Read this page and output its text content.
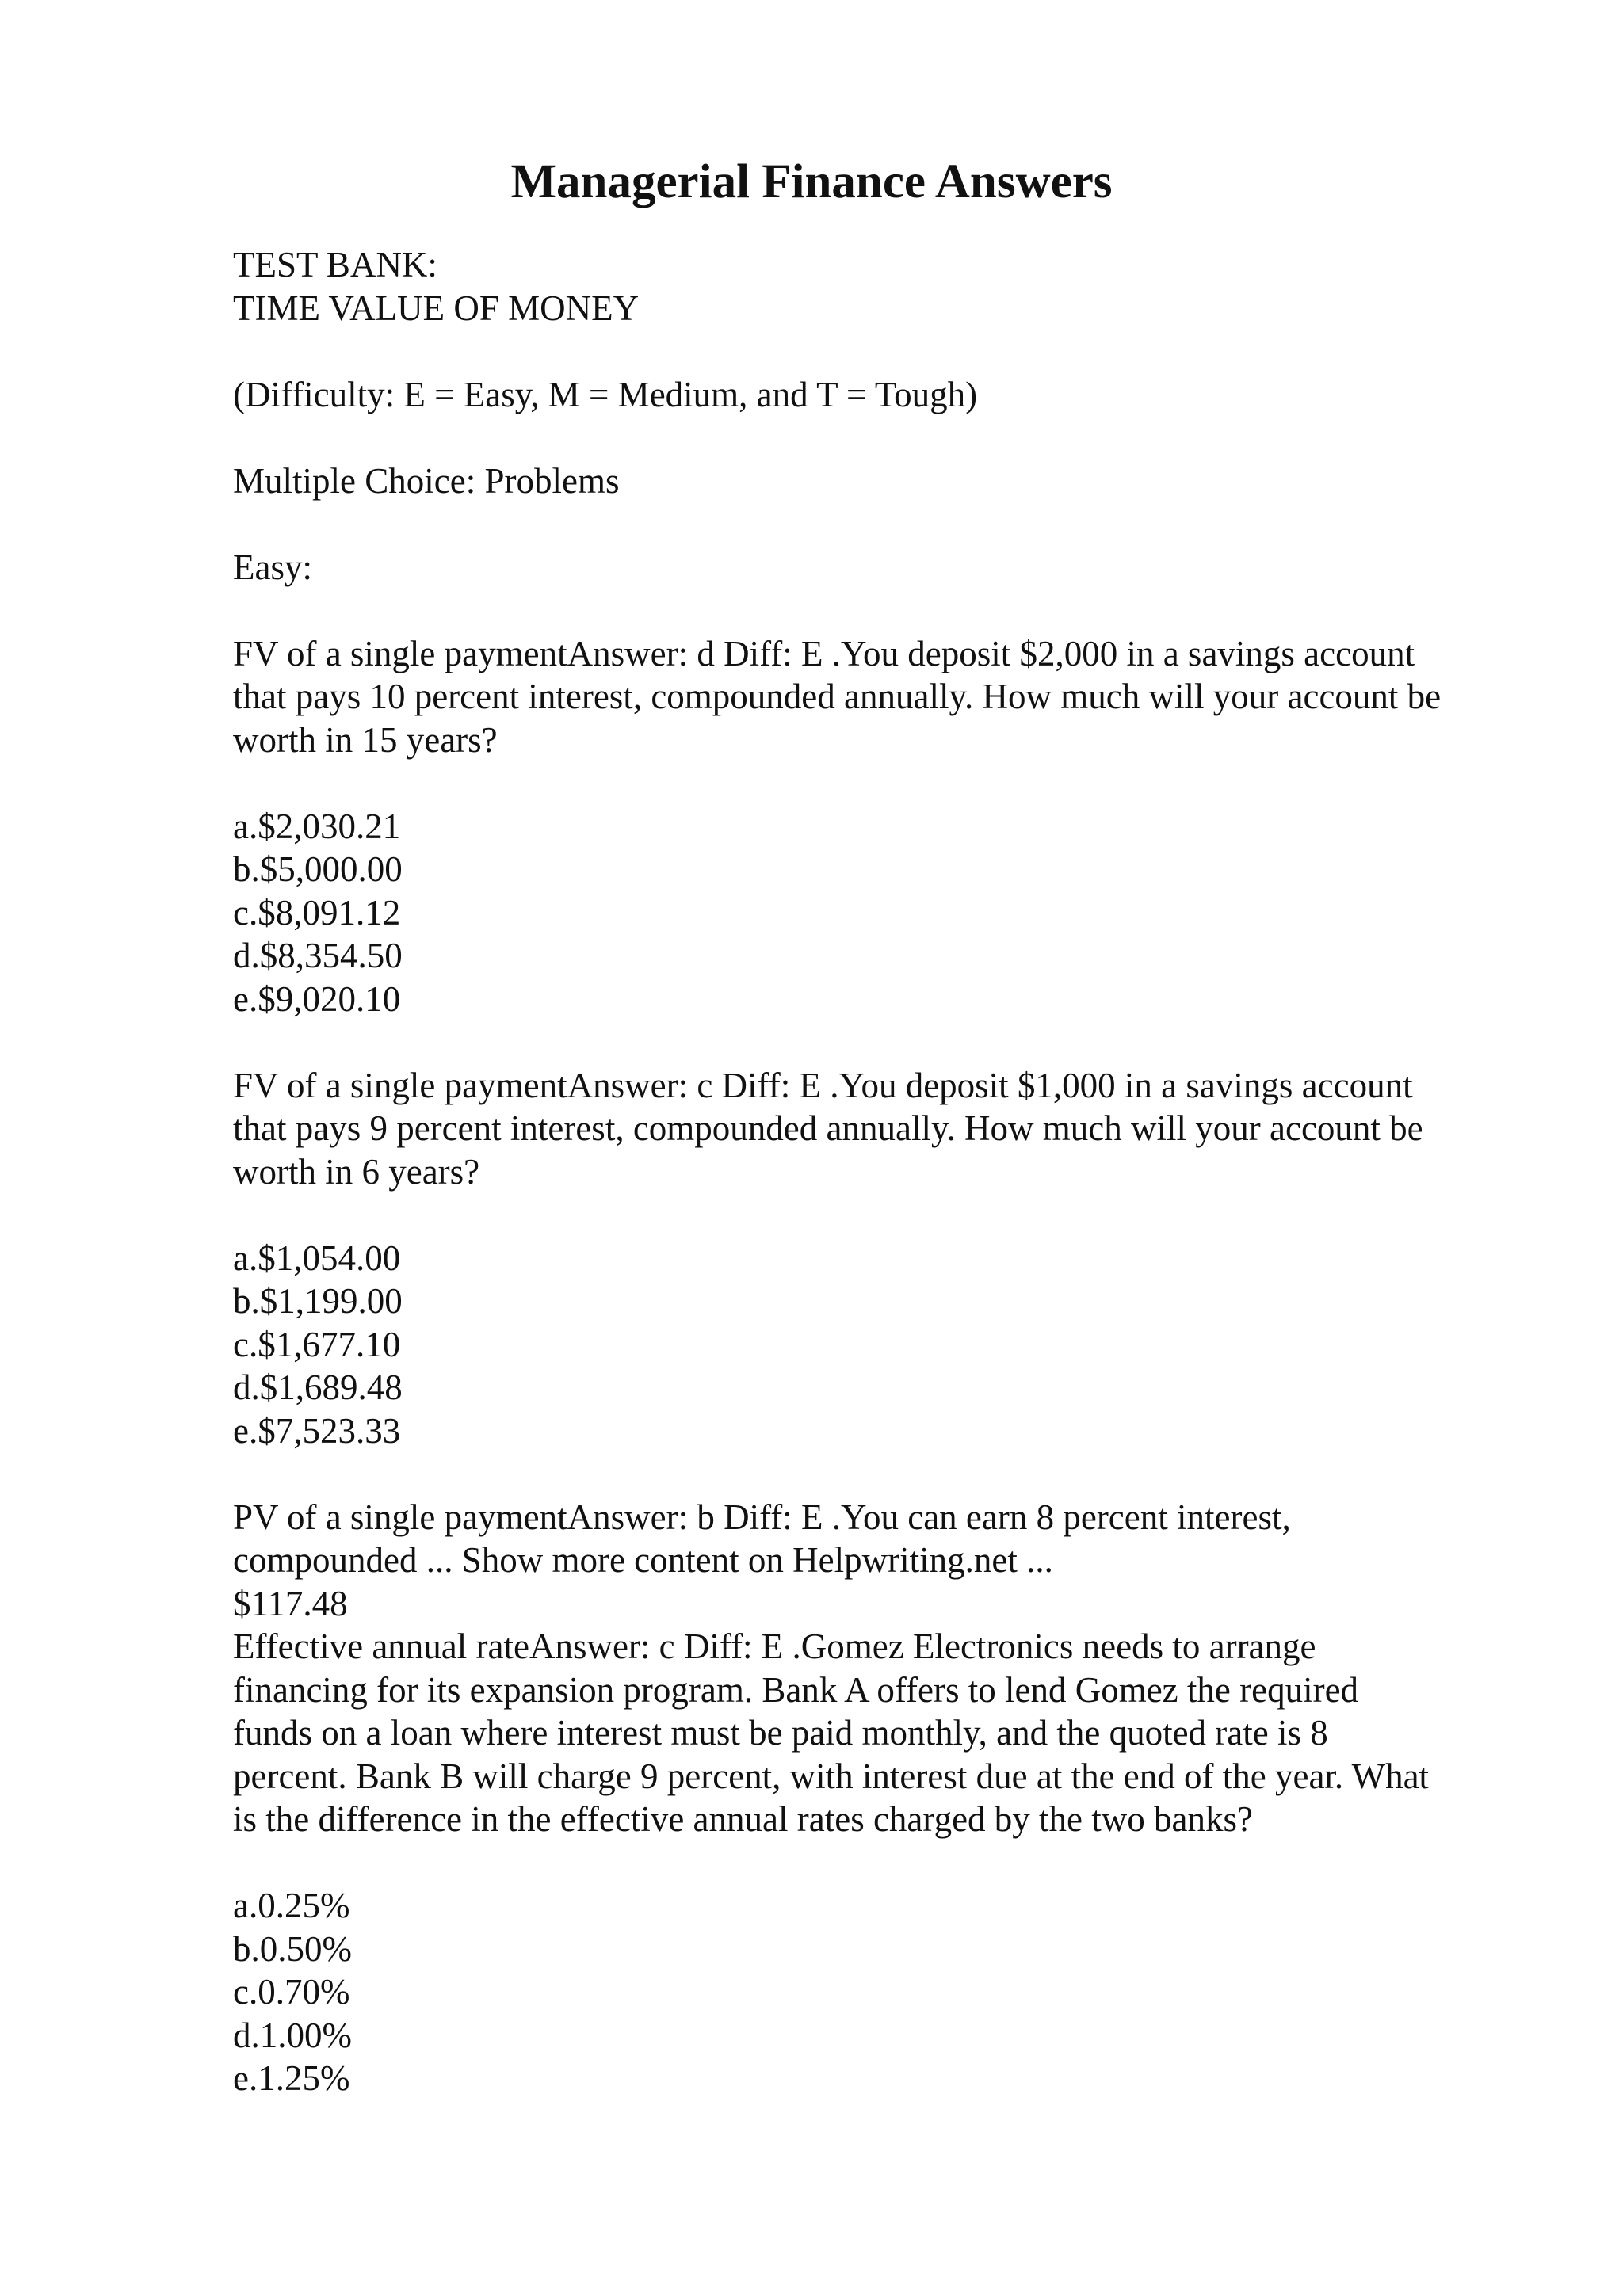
Managerial Finance Answers
TEST BANK:
TIME VALUE OF MONEY
(Difficulty: E = Easy, M = Medium, and T = Tough)
Multiple Choice: Problems
Easy:
FV of a single paymentAnswer: d Diff: E .You deposit $2,000 in a savings account
that pays 10 percent interest, compounded annually. How much will your account be
worth in 15 years?
a.$2,030.21
b.$5,000.00
c.$8,091.12
d.$8,354.50
e.$9,020.10
FV of a single paymentAnswer: c Diff: E .You deposit $1,000 in a savings account
that pays 9 percent interest, compounded annually. How much will your account be
worth in 6 years?
a.$1,054.00
b.$1,199.00
c.$1,677.10
d.$1,689.48
e.$7,523.33
PV of a single paymentAnswer: b Diff: E .You can earn 8 percent interest,
compounded ... Show more content on Helpwriting.net ...
$117.48
Effective annual rateAnswer: c Diff: E .Gomez Electronics needs to arrange
financing for its expansion program. Bank A offers to lend Gomez the required
funds on a loan where interest must be paid monthly, and the quoted rate is 8
percent. Bank B will charge 9 percent, with interest due at the end of the year. What
is the difference in the effective annual rates charged by the two banks?
a.0.25%
b.0.50%
c.0.70%
d.1.00%
e.1.25%
